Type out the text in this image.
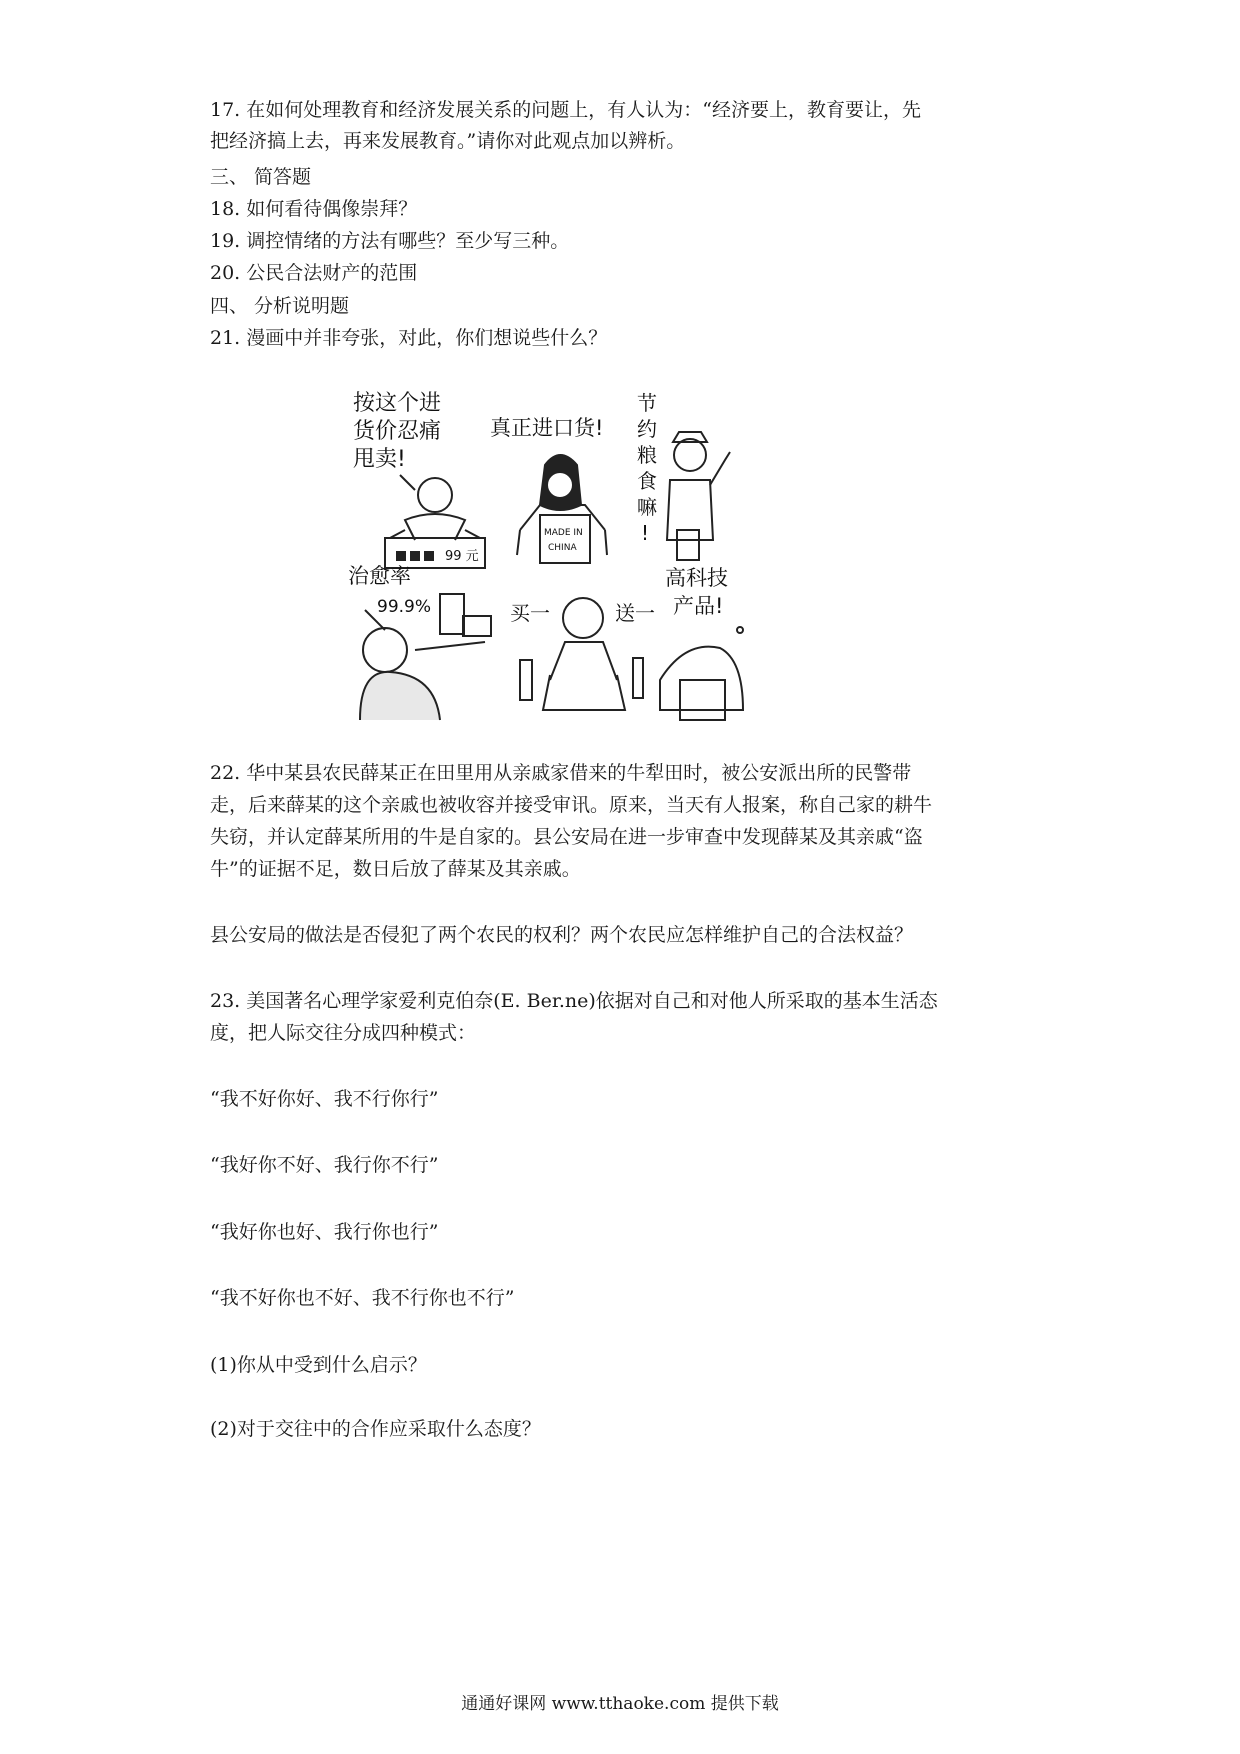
17. 在如何处理教育和经济发展关系的问题上，有人认为：“经济要上，教育要让，先
把经济搞上去，再来发展教育。”请你对此观点加以辨析。
三、 简答题
18. 如何看待偶像崇拜？
19. 调控情绪的方法有哪些？至少写三种。
20. 公民合法财产的范围
四、 分析说明题
21. 漫画中并非夸张，对此，你们想说些什么？
按这个进
货价忍痛
甩卖!
99 元
真正进口货!
MADE IN
CHINA
节
约
粮
食
嘛
!
治愈率
99.9%	买一	送一
高科技
产品!
22. 华中某县农民薛某正在田里用从亲戚家借来的牛犁田时，被公安派出所的民警带
走，后来薛某的这个亲戚也被收容并接受审讯。原来，当天有人报案，称自己家的耕牛
失窃，并认定薛某所用的牛是自家的。县公安局在进一步审查中发现薛某及其亲戚“盗
牛”的证据不足，数日后放了薛某及其亲戚。
县公安局的做法是否侵犯了两个农民的权利？两个农民应怎样维护自己的合法权益？
23. 美国著名心理学家爱利克伯奈(E. Ber.ne)依据对自己和对他人所采取的基本生活态
度，把人际交往分成四种模式：
“我不好你好、我不行你行”
“我好你不好、我行你不行”
“我好你也好、我行你也行”
“我不好你也不好、我不行你也不行”
(1)你从中受到什么启示？
(2)对于交往中的合作应采取什么态度？
通通好课网 www.tthaoke.com 提供下载
